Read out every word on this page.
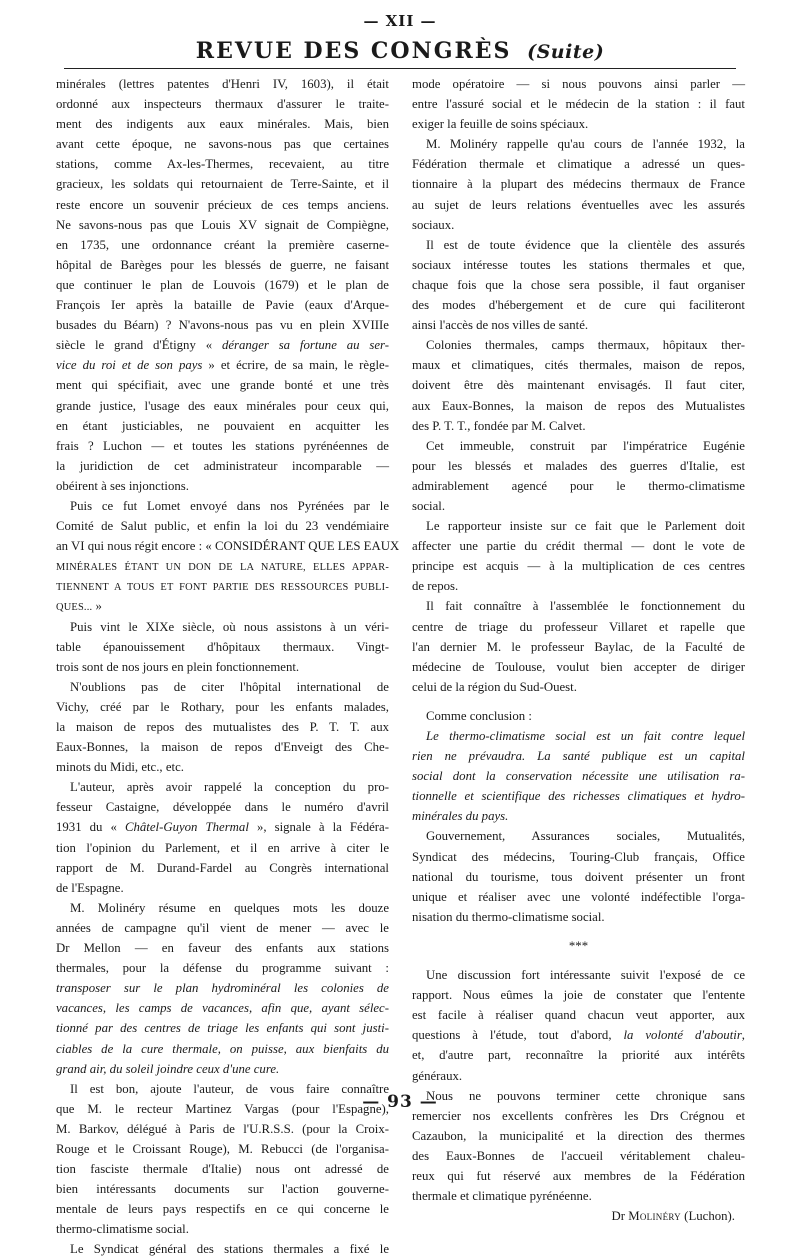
— XII —
REVUE DES CONGRÈS (Suite)
minérales (lettres patentes d'Henri IV, 1603), il était
ordonné aux inspecteurs thermaux d'assurer le traite-
ment des indigents aux eaux minérales. Mais, bien
avant cette époque, ne savons-nous pas que certaines
stations, comme Ax-les-Thermes, recevaient, au titre
gracieux, les soldats qui retournaient de Terre-Sainte, et il
reste encore un souvenir précieux de ces temps anciens.
Ne savons-nous pas que Louis XV signait de Compiègne,
en 1735, une ordonnance créant la première caserne-
hôpital de Barèges pour les blessés de guerre, ne faisant
que continuer le plan de Louvois (1679) et le plan de
François Ier après la bataille de Pavie (eaux d'Arque-
busades du Béarn) ? N'avons-nous pas vu en plein XVIIIe
siècle le grand d'Étigny « déranger sa fortune au ser-
vice du roi et de son pays » et écrire, de sa main, le règle-
ment qui spécifiait, avec une grande bonté et une très
grande justice, l'usage des eaux minérales pour ceux qui,
en étant justiciables, ne pouvaient en acquitter les
frais ? Luchon — et toutes les stations pyrénéennes de
la juridiction de cet administrateur incomparable —
obéirent à ses injonctions.
Puis ce fut Lomet envoyé dans nos Pyrénées par le
Comité de Salut public, et enfin la loi du 23 vendémiaire
an VI qui nous régit encore : « CONSIDÉRANT QUE LES EAUX
MINÉRALES ÉTANT UN DON DE LA NATURE, ELLES APPAR-
TIENNENT A TOUS ET FONT PARTIE DES RESSOURCES PUBLI-
QUES... »
Puis vint le XIXe siècle, où nous assistons à un véri-
table épanouissement d'hôpitaux thermaux. Vingt-
trois sont de nos jours en plein fonctionnement.
N'oublions pas de citer l'hôpital international de
Vichy, créé par le Rothary, pour les enfants malades,
la maison de repos des mutualistes des P. T. T. aux
Eaux-Bonnes, la maison de repos d'Enveigt des Che-
minots du Midi, etc., etc.
L'auteur, après avoir rappelé la conception du pro-
fesseur Castaigne, développée dans le numéro d'avril
1931 du « Châtel-Guyon Thermal », signale à la Fédéra-
tion l'opinion du Parlement, et il en arrive à citer le
rapport de M. Durand-Fardel au Congrès international
de l'Espagne.
M. Molinéry résume en quelques mots les douze
années de campagne qu'il vient de mener — avec le
Dr Mellon — en faveur des enfants aux stations
thermales, pour la défense du programme suivant :
transposer sur le plan hydrominéral les colonies de
vacances, les camps de vacances, afin que, ayant sélec-
tionné par des centres de triage les enfants qui sont justi-
ciables de la cure thermale, on puisse, aux bienfaits du
grand air, du soleil joindre ceux d'une cure.
Il est bon, ajoute l'auteur, de vous faire connaître
que M. le recteur Martinez Vargas (pour l'Espagne),
M. Barkov, délégué à Paris de l'U.R.S.S. (pour la Croix-
Rouge et le Croissant Rouge), M. Rebucci (de l'organisa-
tion fasciste thermale d'Italie) nous ont adressé de
bien intéressants documents sur l'action gouverne-
mentale de leurs pays respectifs en ce qui concerne le
thermo-climatisme social.
Le Syndicat général des stations thermales a fixé le
mode opératoire — si nous pouvons ainsi parler —
entre l'assuré social et le médecin de la station : il faut
exiger la feuille de soins spéciaux.
M. Molinéry rappelle qu'au cours de l'année 1932, la
Fédération thermale et climatique a adressé un ques-
tionnaire à la plupart des médecins thermaux de France
au sujet de leurs relations éventuelles avec les assurés
sociaux.
Il est de toute évidence que la clientèle des assurés
sociaux intéresse toutes les stations thermales et que,
chaque fois que la chose sera possible, il faut organiser
des modes d'hébergement et de cure qui faciliteront
ainsi l'accès de nos villes de santé.
Colonies thermales, camps thermaux, hôpitaux ther-
maux et climatiques, cités thermales, maison de repos,
doivent être dès maintenant envisagés. Il faut citer,
aux Eaux-Bonnes, la maison de repos des Mutualistes
des P. T. T., fondée par M. Calvet.
Cet immeuble, construit par l'impératrice Eugénie
pour les blessés et malades des guerres d'Italie, est
admirablement agencé pour le thermo-climatisme
social.
Le rapporteur insiste sur ce fait que le Parlement doit
affecter une partie du crédit thermal — dont le vote de
principe est acquis — à la multiplication de ces centres
de repos.
Il fait connaître à l'assemblée le fonctionnement du
centre de triage du professeur Villaret et rapelle que
l'an dernier M. le professeur Baylac, de la Faculté de
médecine de Toulouse, voulut bien accepter de diriger
celui de la région du Sud-Ouest.
Comme conclusion :
Le thermo-climatisme social est un fait contre lequel
rien ne prévaudra. La santé publique est un capital
social dont la conservation nécessite une utilisation ra-
tionnelle et scientifique des richesses climatiques et hydro-
minérales du pays.
Gouvernement, Assurances sociales, Mutualités,
Syndicat des médecins, Touring-Club français, Office
national du tourisme, tous doivent présenter un front
unique et réaliser avec une volonté indéfectible l'orga-
nisation du thermo-climatisme social.
***
Une discussion fort intéressante suivit l'exposé de ce
rapport. Nous eûmes la joie de constater que l'entente
est facile à réaliser quand chacun veut apporter, aux
questions à l'étude, tout d'abord, la volonté d'aboutir,
et, d'autre part, reconnaître la priorité aux intérêts
généraux.
Nous ne pouvons terminer cette chronique sans
remercier nos excellents confrères les Drs Crégnou et
Cazaubon, la municipalité et la direction des thermes
des Eaux-Bonnes de l'accueil véritablement chaleu-
reux qui fut réservé aux membres de la Fédération
thermale et climatique pyrénéenne.
Dr Molinéry (Luchon).
— 93 —
